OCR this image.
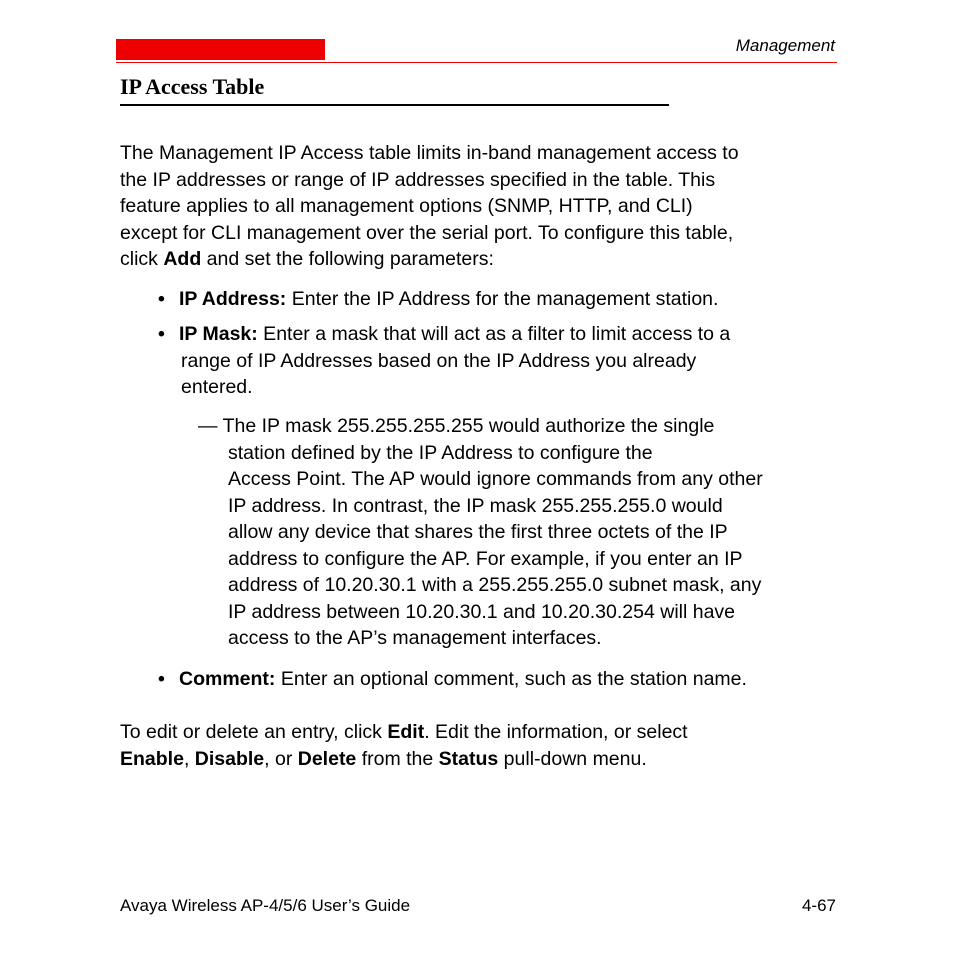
Management
IP Access Table
The Management IP Access table limits in-band management access to
the IP addresses or range of IP addresses specified in the table. This
feature applies to all management options (SNMP, HTTP, and CLI)
except for CLI management over the serial port. To configure this table,
click Add and set the following parameters:
• IP Address: Enter the IP Address for the management station.
• IP Mask: Enter a mask that will act as a filter to limit access to a
range of IP Addresses based on the IP Address you already
entered.
— The IP mask 255.255.255.255 would authorize the single
station defined by the IP Address to configure the
Access Point. The AP would ignore commands from any other
IP address. In contrast, the IP mask 255.255.255.0 would
allow any device that shares the first three octets of the IP
address to configure the AP. For example, if you enter an IP
address of 10.20.30.1 with a 255.255.255.0 subnet mask, any
IP address between 10.20.30.1 and 10.20.30.254 will have
access to the AP’s management interfaces.
• Comment: Enter an optional comment, such as the station name.
To edit or delete an entry, click Edit. Edit the information, or select
Enable, Disable, or Delete from the Status pull-down menu.
Avaya Wireless AP-4/5/6 User’s Guide	4-67
